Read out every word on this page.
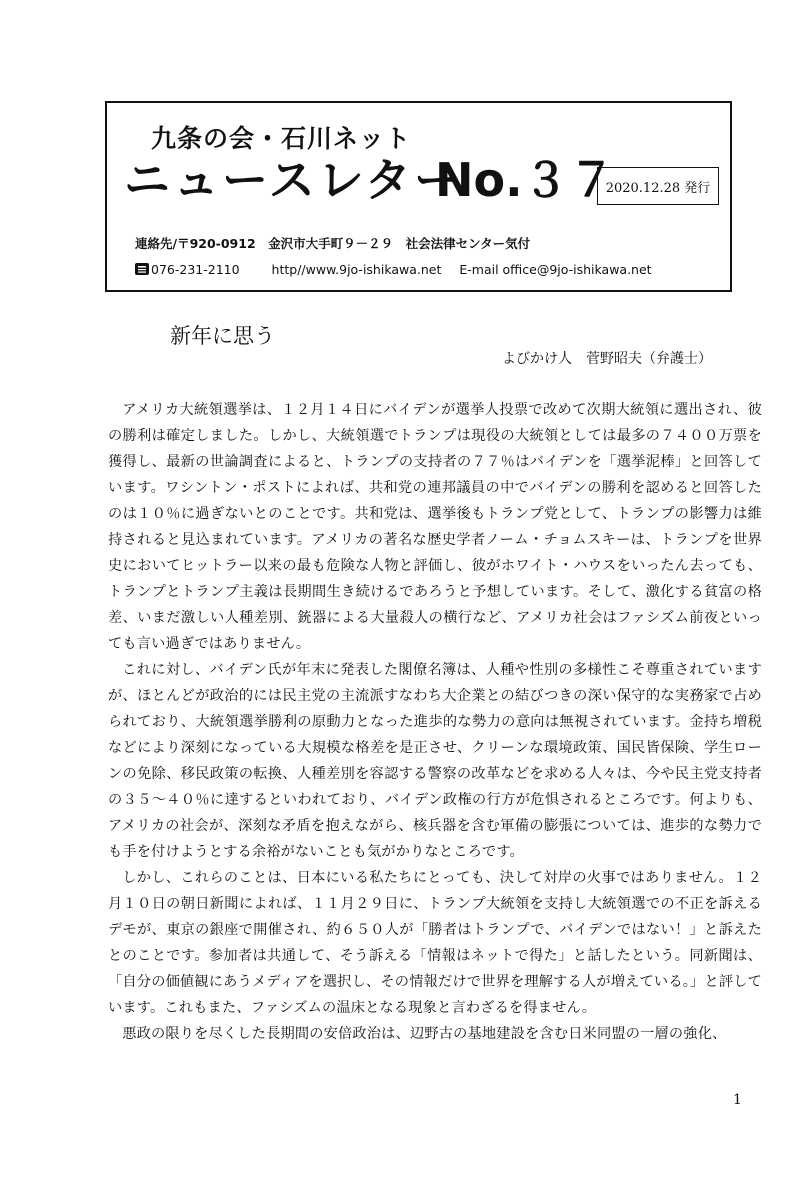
九条の会・石川ネット
ニュースレター
No.３７
2020.12.28 発行
連絡先/〒920-0912　金沢市大手町９－２９　社会法律センター気付
076-231-2110	http//www.9jo-ishikawa.net E-mail office@9jo-ishikawa.net
新年に思う
よびかけ人　菅野昭夫（弁護士）

アメリカ大統領選挙は、１２月１４日にバイデンが選挙人投票で改めて次期大統領に選出され、彼の勝利は確定しました。しかし、大統領選でトランプは現役の大統領としては最多の７４００万票を獲得し、最新の世論調査によると、トランプの支持者の７７％はバイデンを「選挙泥棒」と回答しています。ワシントン・ポストによれば、共和党の連邦議員の中でバイデンの勝利を認めると回答したのは１０％に過ぎないとのことです。共和党は、選挙後もトランプ党として、トランプの影響力は維持されると見込まれています。アメリカの著名な歴史学者ノーム・チョムスキーは、トランプを世界史においてヒットラー以来の最も危険な人物と評価し、彼がホワイト・ハウスをいったん去っても、トランプとトランプ主義は長期間生き続けるであろうと予想しています。そして、激化する貧富の格差、いまだ激しい人種差別、銃器による大量殺人の横行など、アメリカ社会はファシズム前夜といっても言い過ぎではありません。

これに対し、バイデン氏が年末に発表した閣僚名簿は、人種や性別の多様性こそ尊重されていますが、ほとんどが政治的には民主党の主流派すなわち大企業との結びつきの深い保守的な実務家で占められており、大統領選挙勝利の原動力となった進歩的な勢力の意向は無視されています。金持ち増税などにより深刻になっている大規模な格差を是正させ、クリーンな環境政策、国民皆保険、学生ローンの免除、移民政策の転換、人種差別を容認する警察の改革などを求める人々は、今や民主党支持者の３５～４０％に達するといわれており、バイデン政権の行方が危惧されるところです。何よりも、アメリカの社会が、深刻な矛盾を抱えながら、核兵器を含む軍備の膨張については、進歩的な勢力でも手を付けようとする余裕がないことも気がかりなところです。

しかし、これらのことは、日本にいる私たちにとっても、決して対岸の火事ではありません。１２月１０日の朝日新聞によれば、１１月２９日に、トランプ大統領を支持し大統領選での不正を訴えるデモが、東京の銀座で開催され、約６５０人が「勝者はトランプで、バイデンではない！」と訴えたとのことです。参加者は共通して、そう訴える「情報はネットで得た」と話したという。同新聞は、「自分の価値観にあうメディアを選択し、その情報だけで世界を理解する人が増えている。」と評しています。これもまた、ファシズムの温床となる現象と言わざるを得ません。

悪政の限りを尽くした長期間の安倍政治は、辺野古の基地建設を含む日米同盟の一層の強化、

1
